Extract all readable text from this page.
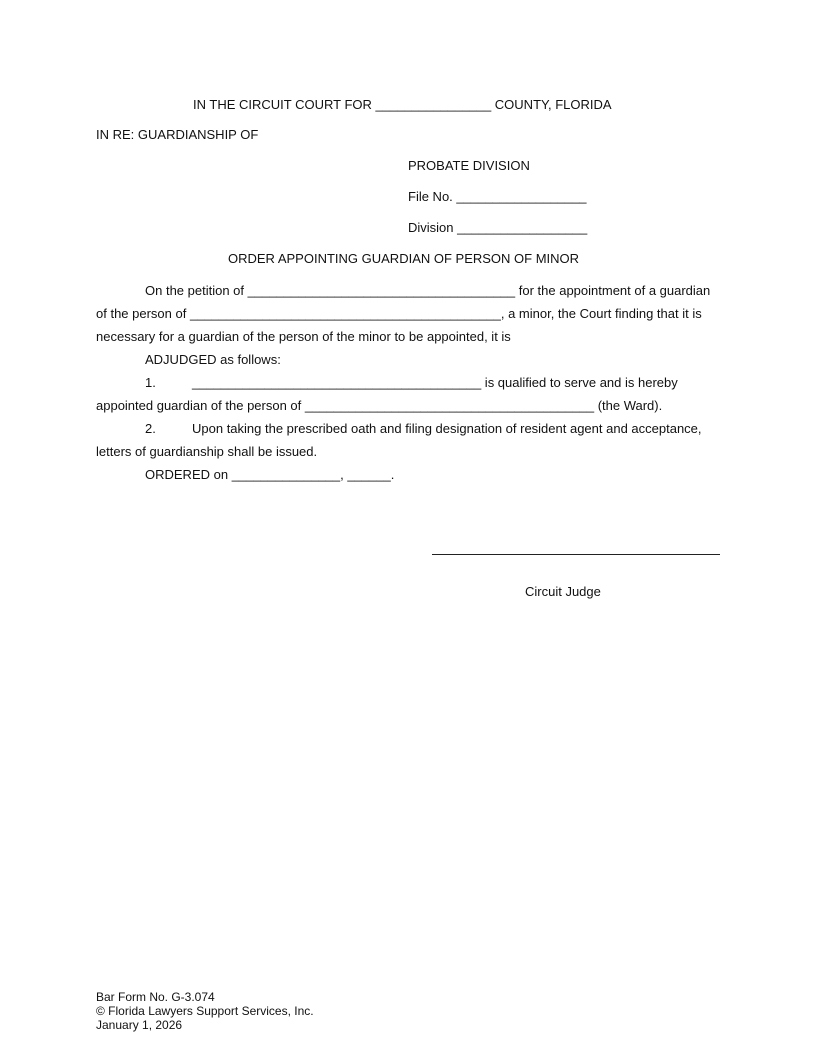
IN THE CIRCUIT COURT FOR ________________ COUNTY, FLORIDA
IN RE: GUARDIANSHIP OF
PROBATE DIVISION
File No. __________________
Division __________________
ORDER APPOINTING GUARDIAN OF PERSON OF MINOR
On the petition of _____________________________________ for the appointment of a guardian
of the person of ___________________________________________, a minor, the Court finding that it is
necessary for a guardian of the person of the minor to be appointed, it is
ADJUDGED as follows:
1.	________________________________________ is qualified to serve and is hereby
appointed guardian of the person of ________________________________________ (the Ward).
2.	Upon taking the prescribed oath and filing designation of resident agent and acceptance,
letters of guardianship shall be issued.
ORDERED on _______________, ______.
Circuit Judge
Bar Form No. G-3.074
© Florida Lawyers Support Services, Inc.
January 1, 2026
